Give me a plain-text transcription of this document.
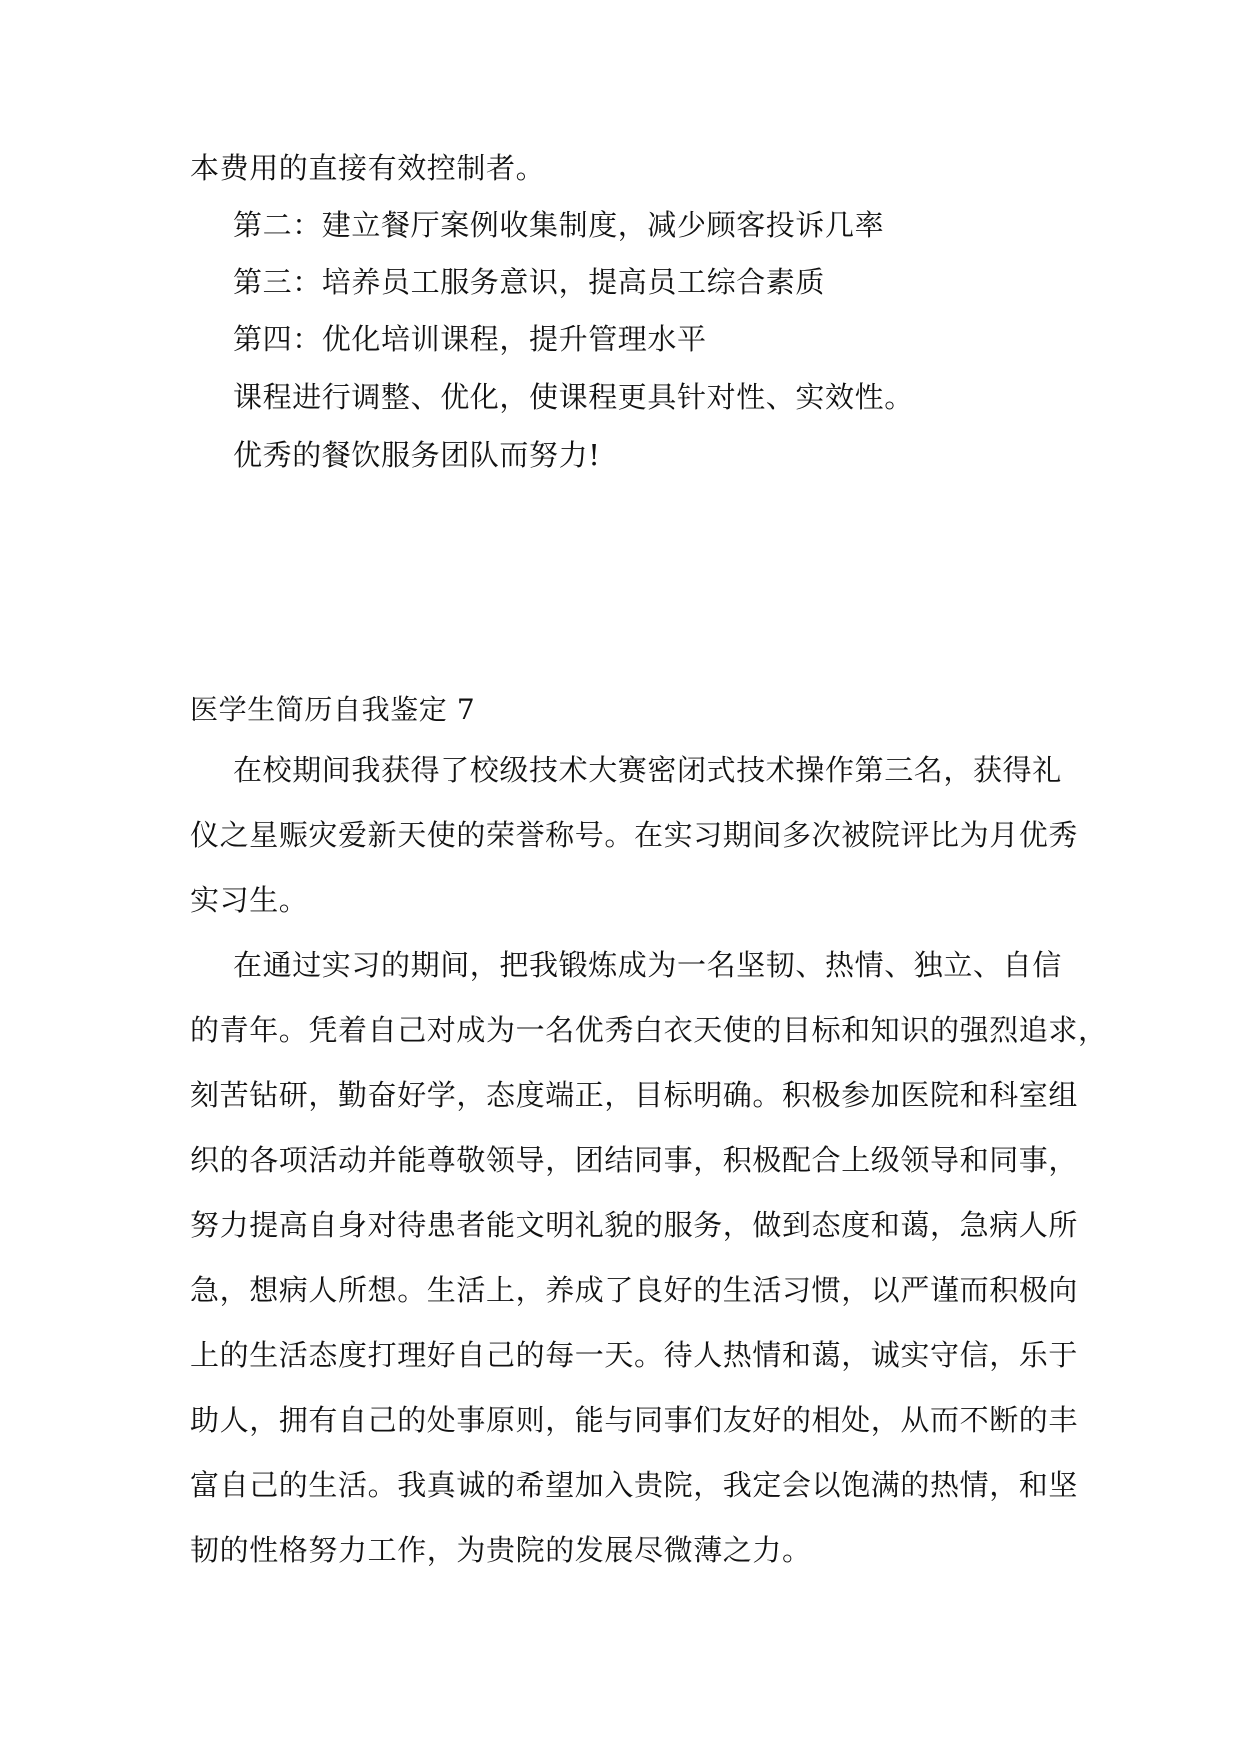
本费用的直接有效控制者。
第二：建立餐厅案例收集制度，减少顾客投诉几率
第三：培养员工服务意识，提高员工综合素质
第四：优化培训课程，提升管理水平
课程进行调整、优化，使课程更具针对性、实效性。
优秀的餐饮服务团队而努力!
医学生简历自我鉴定 7
在校期间我获得了校级技术大赛密闭式技术操作第三名，获得礼
仪之星赈灾爱新天使的荣誉称号。在实习期间多次被院评比为月优秀
实习生。
在通过实习的期间，把我锻炼成为一名坚韧、热情、独立、自信
的青年。凭着自己对成为一名优秀白衣天使的目标和知识的强烈追求，
刻苦钻研，勤奋好学，态度端正，目标明确。积极参加医院和科室组
织的各项活动并能尊敬领导，团结同事，积极配合上级领导和同事，
努力提高自身对待患者能文明礼貌的服务，做到态度和蔼，急病人所
急，想病人所想。生活上，养成了良好的生活习惯，以严谨而积极向
上的生活态度打理好自己的每一天。待人热情和蔼，诚实守信，乐于
助人，拥有自己的处事原则，能与同事们友好的相处，从而不断的丰
富自己的生活。我真诚的希望加入贵院，我定会以饱满的热情，和坚
韧的性格努力工作，为贵院的发展尽微薄之力。
